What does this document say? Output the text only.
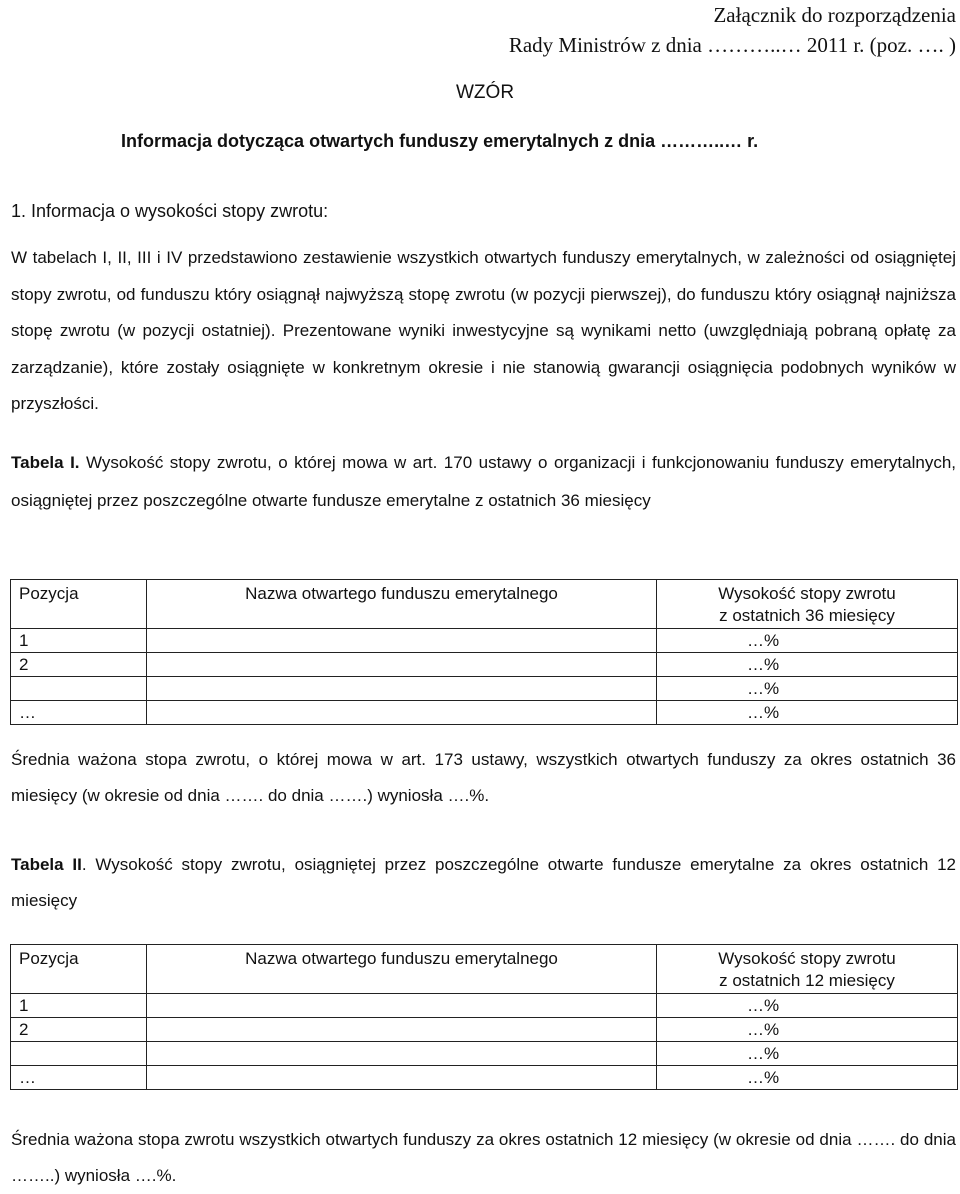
Załącznik do rozporządzenia
Rady Ministrów z dnia ………..… 2011 r. (poz. …. )
WZÓR
Informacja dotycząca otwartych funduszy emerytalnych z dnia ………..… r.
1. Informacja o wysokości stopy zwrotu:

W tabelach I, II, III i IV przedstawiono zestawienie wszystkich otwartych funduszy emerytalnych, w zależności od osiągniętej stopy zwrotu, od funduszu który osiągnął najwyższą stopę zwrotu (w pozycji pierwszej), do funduszu który osiągnął najniższa stopę zwrotu (w pozycji ostatniej). Prezentowane wyniki inwestycyjne są wynikami netto (uwzględniają pobraną opłatę za zarządzanie), które zostały osiągnięte w konkretnym okresie i nie stanowią gwarancji osiągnięcia podobnych wyników w przyszłości.

Tabela I. Wysokość stopy zwrotu, o której mowa w art. 170 ustawy o organizacji i funkcjonowaniu funduszy emerytalnych, osiągniętej przez poszczególne otwarte fundusze emerytalne z ostatnich 36 miesięcy

Pozycja	Nazwa otwartego funduszu emerytalnego	Wysokość stopy zwrotu
z ostatnich 36 miesięcy
1		…%
2		…%
		…%
…		…%

Średnia ważona stopa zwrotu, o której mowa w art. 173 ustawy, wszystkich otwartych funduszy za okres ostatnich 36 miesięcy (w okresie od dnia ……. do dnia …….) wyniosła ….%.

Tabela II. Wysokość stopy zwrotu, osiągniętej przez poszczególne otwarte fundusze emerytalne za okres ostatnich 12 miesięcy

Pozycja	Nazwa otwartego funduszu emerytalnego	Wysokość stopy zwrotu
z ostatnich 12 miesięcy
1		…%
2		…%
		…%
…		…%

Średnia ważona stopa zwrotu wszystkich otwartych funduszy za okres ostatnich 12 miesięcy (w okresie od dnia ……. do dnia ……..) wyniosła ….%.
